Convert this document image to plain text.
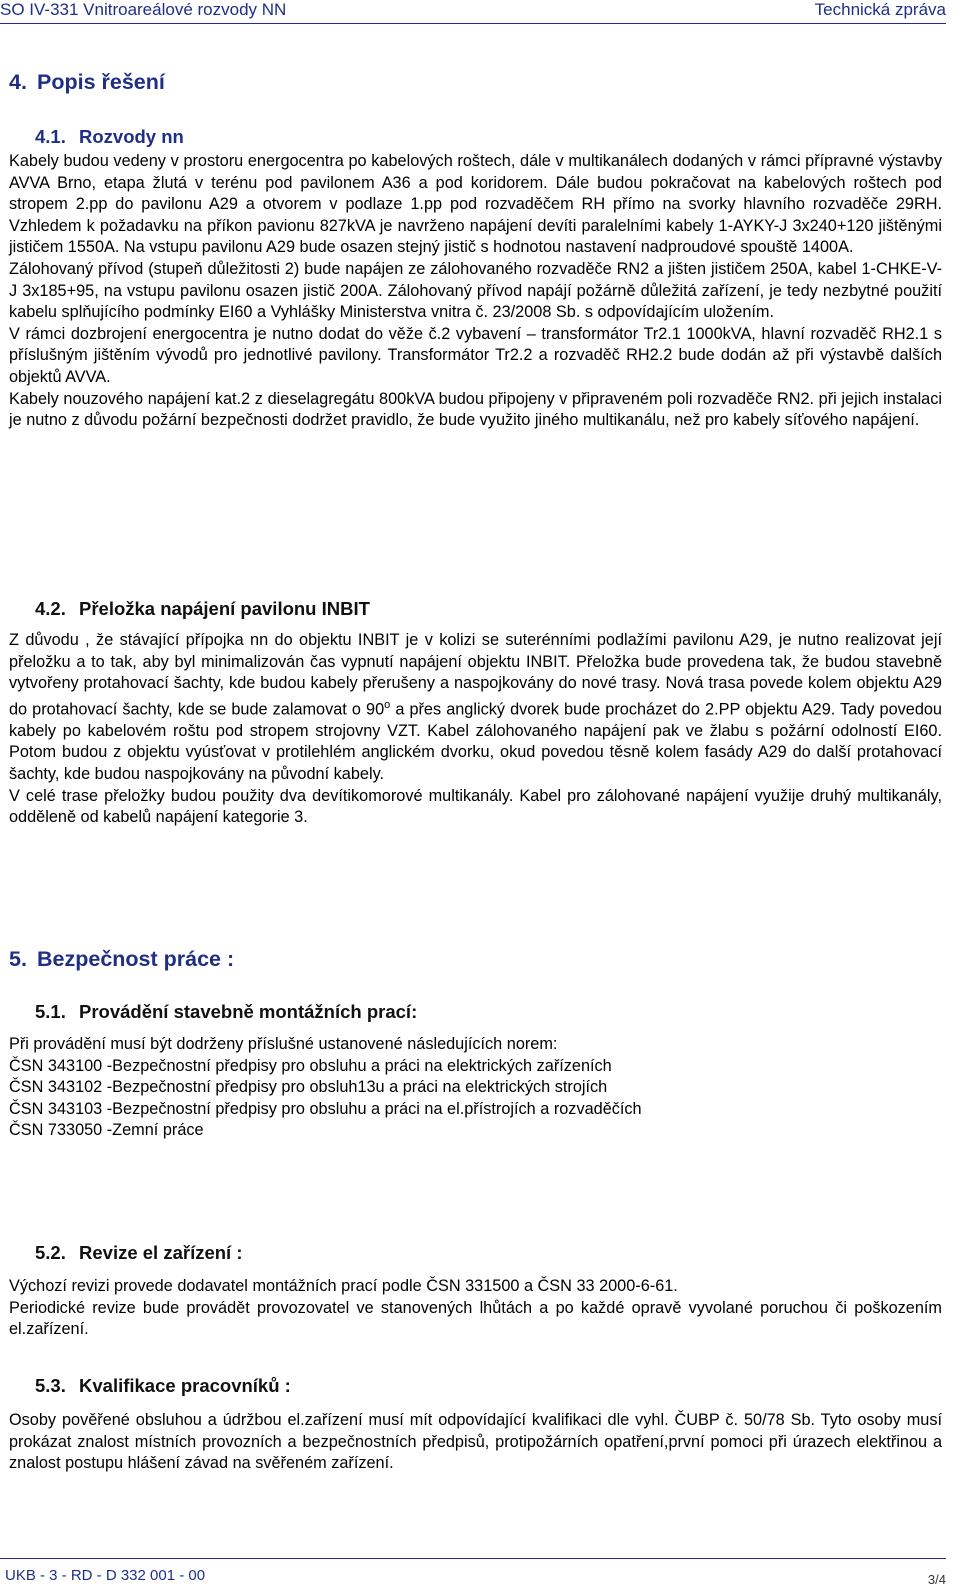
SO IV-331 Vnitroareálové rozvody NN	Technická zpráva
4. Popis řešení
4.1. Rozvody nn

Kabely budou vedeny v prostoru energocentra po kabelových roštech, dále v multikanálech dodaných v rámci přípravné výstavby AVVA Brno, etapa žlutá v terénu pod pavilonem A36 a pod koridorem. Dále budou pokračovat na kabelových roštech pod stropem 2.pp do pavilonu A29 a otvorem v podlaze 1.pp pod rozvaděčem RH přímo na svorky hlavního rozvaděče 29RH. Vzhledem k požadavku na příkon pavionu 827kVA je navrženo napájení devíti paralelními kabely 1-AYKY-J 3x240+120 jištěnými jističem 1550A. Na vstupu pavilonu A29 bude osazen stejný jistič s hodnotou nastavení nadproudové spouště 1400A.

Zálohovaný přívod (stupeň důležitosti 2) bude napájen ze zálohovaného rozvaděče RN2 a jišten jističem 250A, kabel 1-CHKE-V-J 3x185+95, na vstupu pavilonu osazen jistič 200A. Zálohovaný přívod napájí požárně důležitá zařízení, je tedy nezbytné použití kabelu splňujícího podmínky EI60 a Vyhlášky Ministerstva vnitra č. 23/2008 Sb. s odpovídajícím uložením.

V rámci dozbrojení energocentra je nutno dodat do věže č.2 vybavení – transformátor Tr2.1 1000kVA, hlavní rozvaděč RH2.1 s příslušným jištěním vývodů pro jednotlivé pavilony. Transformátor Tr2.2 a rozvaděč RH2.2 bude dodán až při výstavbě dalších objektů AVVA.

Kabely nouzového napájení kat.2 z dieselagregátu 800kVA budou připojeny v připraveném poli rozvaděče RN2. při jejich instalaci je nutno z důvodu požární bezpečnosti dodržet pravidlo, že bude využito jiného multikanálu, než pro kabely síťového napájení.

4.2. Přeložka napájení pavilonu INBIT

Z důvodu , že stávající přípojka nn do objektu INBIT je v kolizi se suterénními podlažími pavilonu A29, je nutno realizovat její přeložku a to tak, aby byl minimalizován čas vypnutí napájení objektu INBIT. Přeložka bude provedena tak, že budou stavebně vytvořeny protahovací šachty, kde budou kabely přerušeny a naspojkovány do nové trasy. Nová trasa povede kolem objektu A29 do protahovací šachty, kde se bude zalamovat o 90$^o$ a přes anglický dvorek bude procházet do 2.PP objektu A29. Tady povedou kabely po kabelovém roštu pod stropem strojovny VZT. Kabel zálohovaného napájení pak ve žlabu s požární odolností EI60. Potom budou z objektu vyúsťovat v protilehlém anglickém dvorku, okud povedou těsně kolem fasády A29 do další protahovací šachty, kde budou naspojkovány na původní kabely.

V celé trase přeložky budou použity dva devítikomorové multikanály. Kabel pro zálohované napájení využije druhý multikanály, odděleně od kabelů napájení kategorie 3.

5. Bezpečnost práce :
5.1. Provádění stavebně montážních prací:

Při provádění musí být dodrženy příslušné ustanovené následujících norem:

ČSN 343100 -Bezpečnostní předpisy pro obsluhu a práci na elektrických zařízeních

ČSN 343102 -Bezpečnostní předpisy pro obsluh13u a práci na elektrických strojích

ČSN 343103 -Bezpečnostní předpisy pro obsluhu a práci na el.přístrojích a rozvaděčích

ČSN 733050 -Zemní práce

5.2. Revize el zařízení :

Výchozí revizi provede dodavatel montážních prací podle ČSN 331500 a ČSN 33 2000-6-61.

Periodické revize bude provádět provozovatel ve stanovených lhůtách a po každé opravě vyvolané poruchou či poškozením el.zařízení.

5.3. Kvalifikace pracovníků :

Osoby pověřené obsluhou a údržbou el.zařízení musí mít odpovídající kvalifikaci dle vyhl. ČUBP č. 50/78 Sb. Tyto osoby musí prokázat znalost místních provozních a bezpečnostních předpisů, protipožárních opatření,první pomoci při úrazech elektřinou a znalost postupu hlášení závad na svěřeném zařízení.

UKB - 3 - RD - D 332 001 - 00	3/4
